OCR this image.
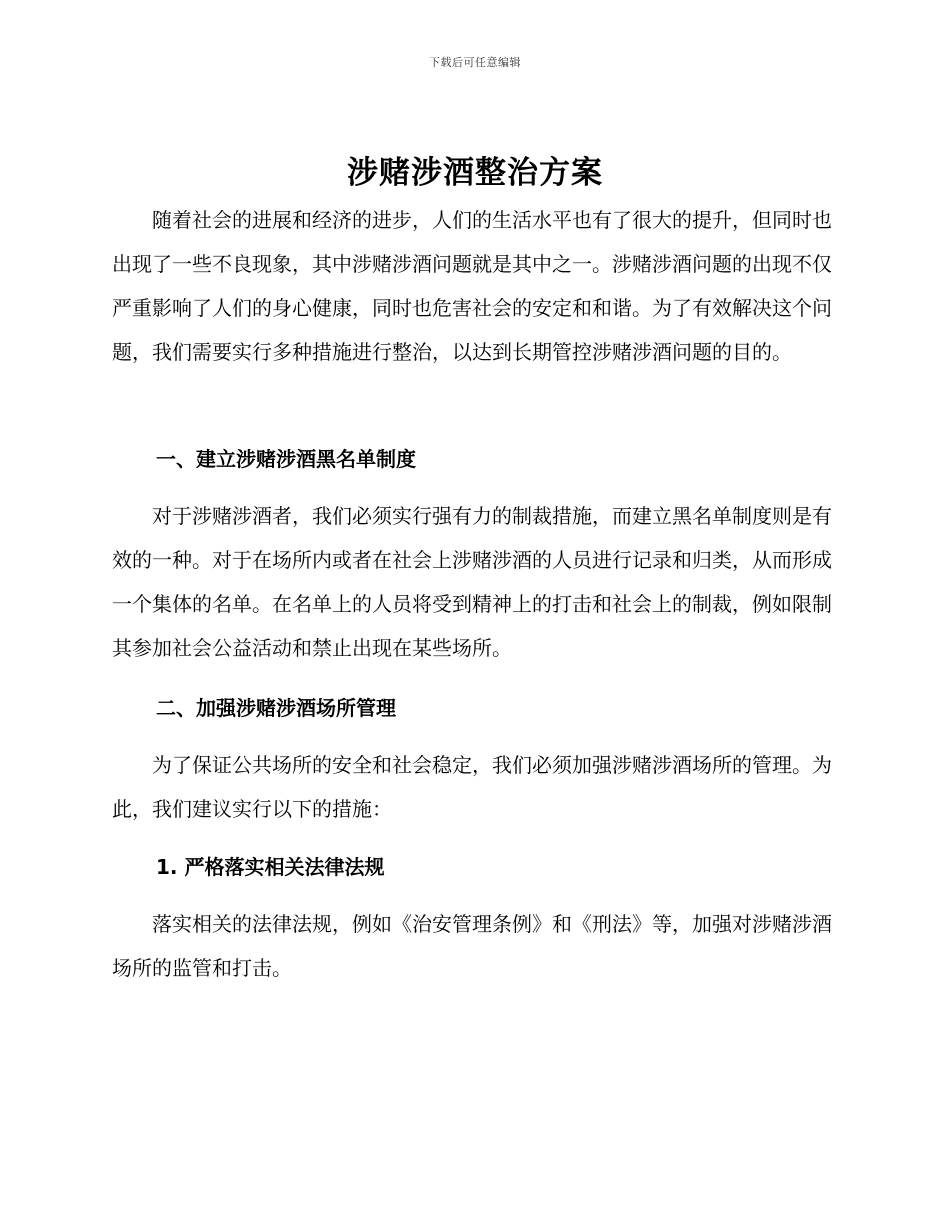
下载后可任意编辑
涉赌涉酒整治方案

随着社会的进展和经济的进步，人们的生活水平也有了很大的提升，但同时也出现了一些不良现象，其中涉赌涉酒问题就是其中之一。涉赌涉酒问题的出现不仅严重影响了人们的身心健康，同时也危害社会的安定和和谐。为了有效解决这个问题，我们需要实行多种措施进行整治，以达到长期管控涉赌涉酒问题的目的。

一、建立涉赌涉酒黑名单制度

对于涉赌涉酒者，我们必须实行强有力的制裁措施，而建立黑名单制度则是有效的一种。对于在场所内或者在社会上涉赌涉酒的人员进行记录和归类，从而形成一个集体的名单。在名单上的人员将受到精神上的打击和社会上的制裁，例如限制其参加社会公益活动和禁止出现在某些场所。

二、加强涉赌涉酒场所管理

为了保证公共场所的安全和社会稳定，我们必须加强涉赌涉酒场所的管理。为此，我们建议实行以下的措施：

1. 严格落实相关法律法规

落实相关的法律法规，例如《治安管理条例》和《刑法》等，加强对涉赌涉酒场所的监管和打击。
